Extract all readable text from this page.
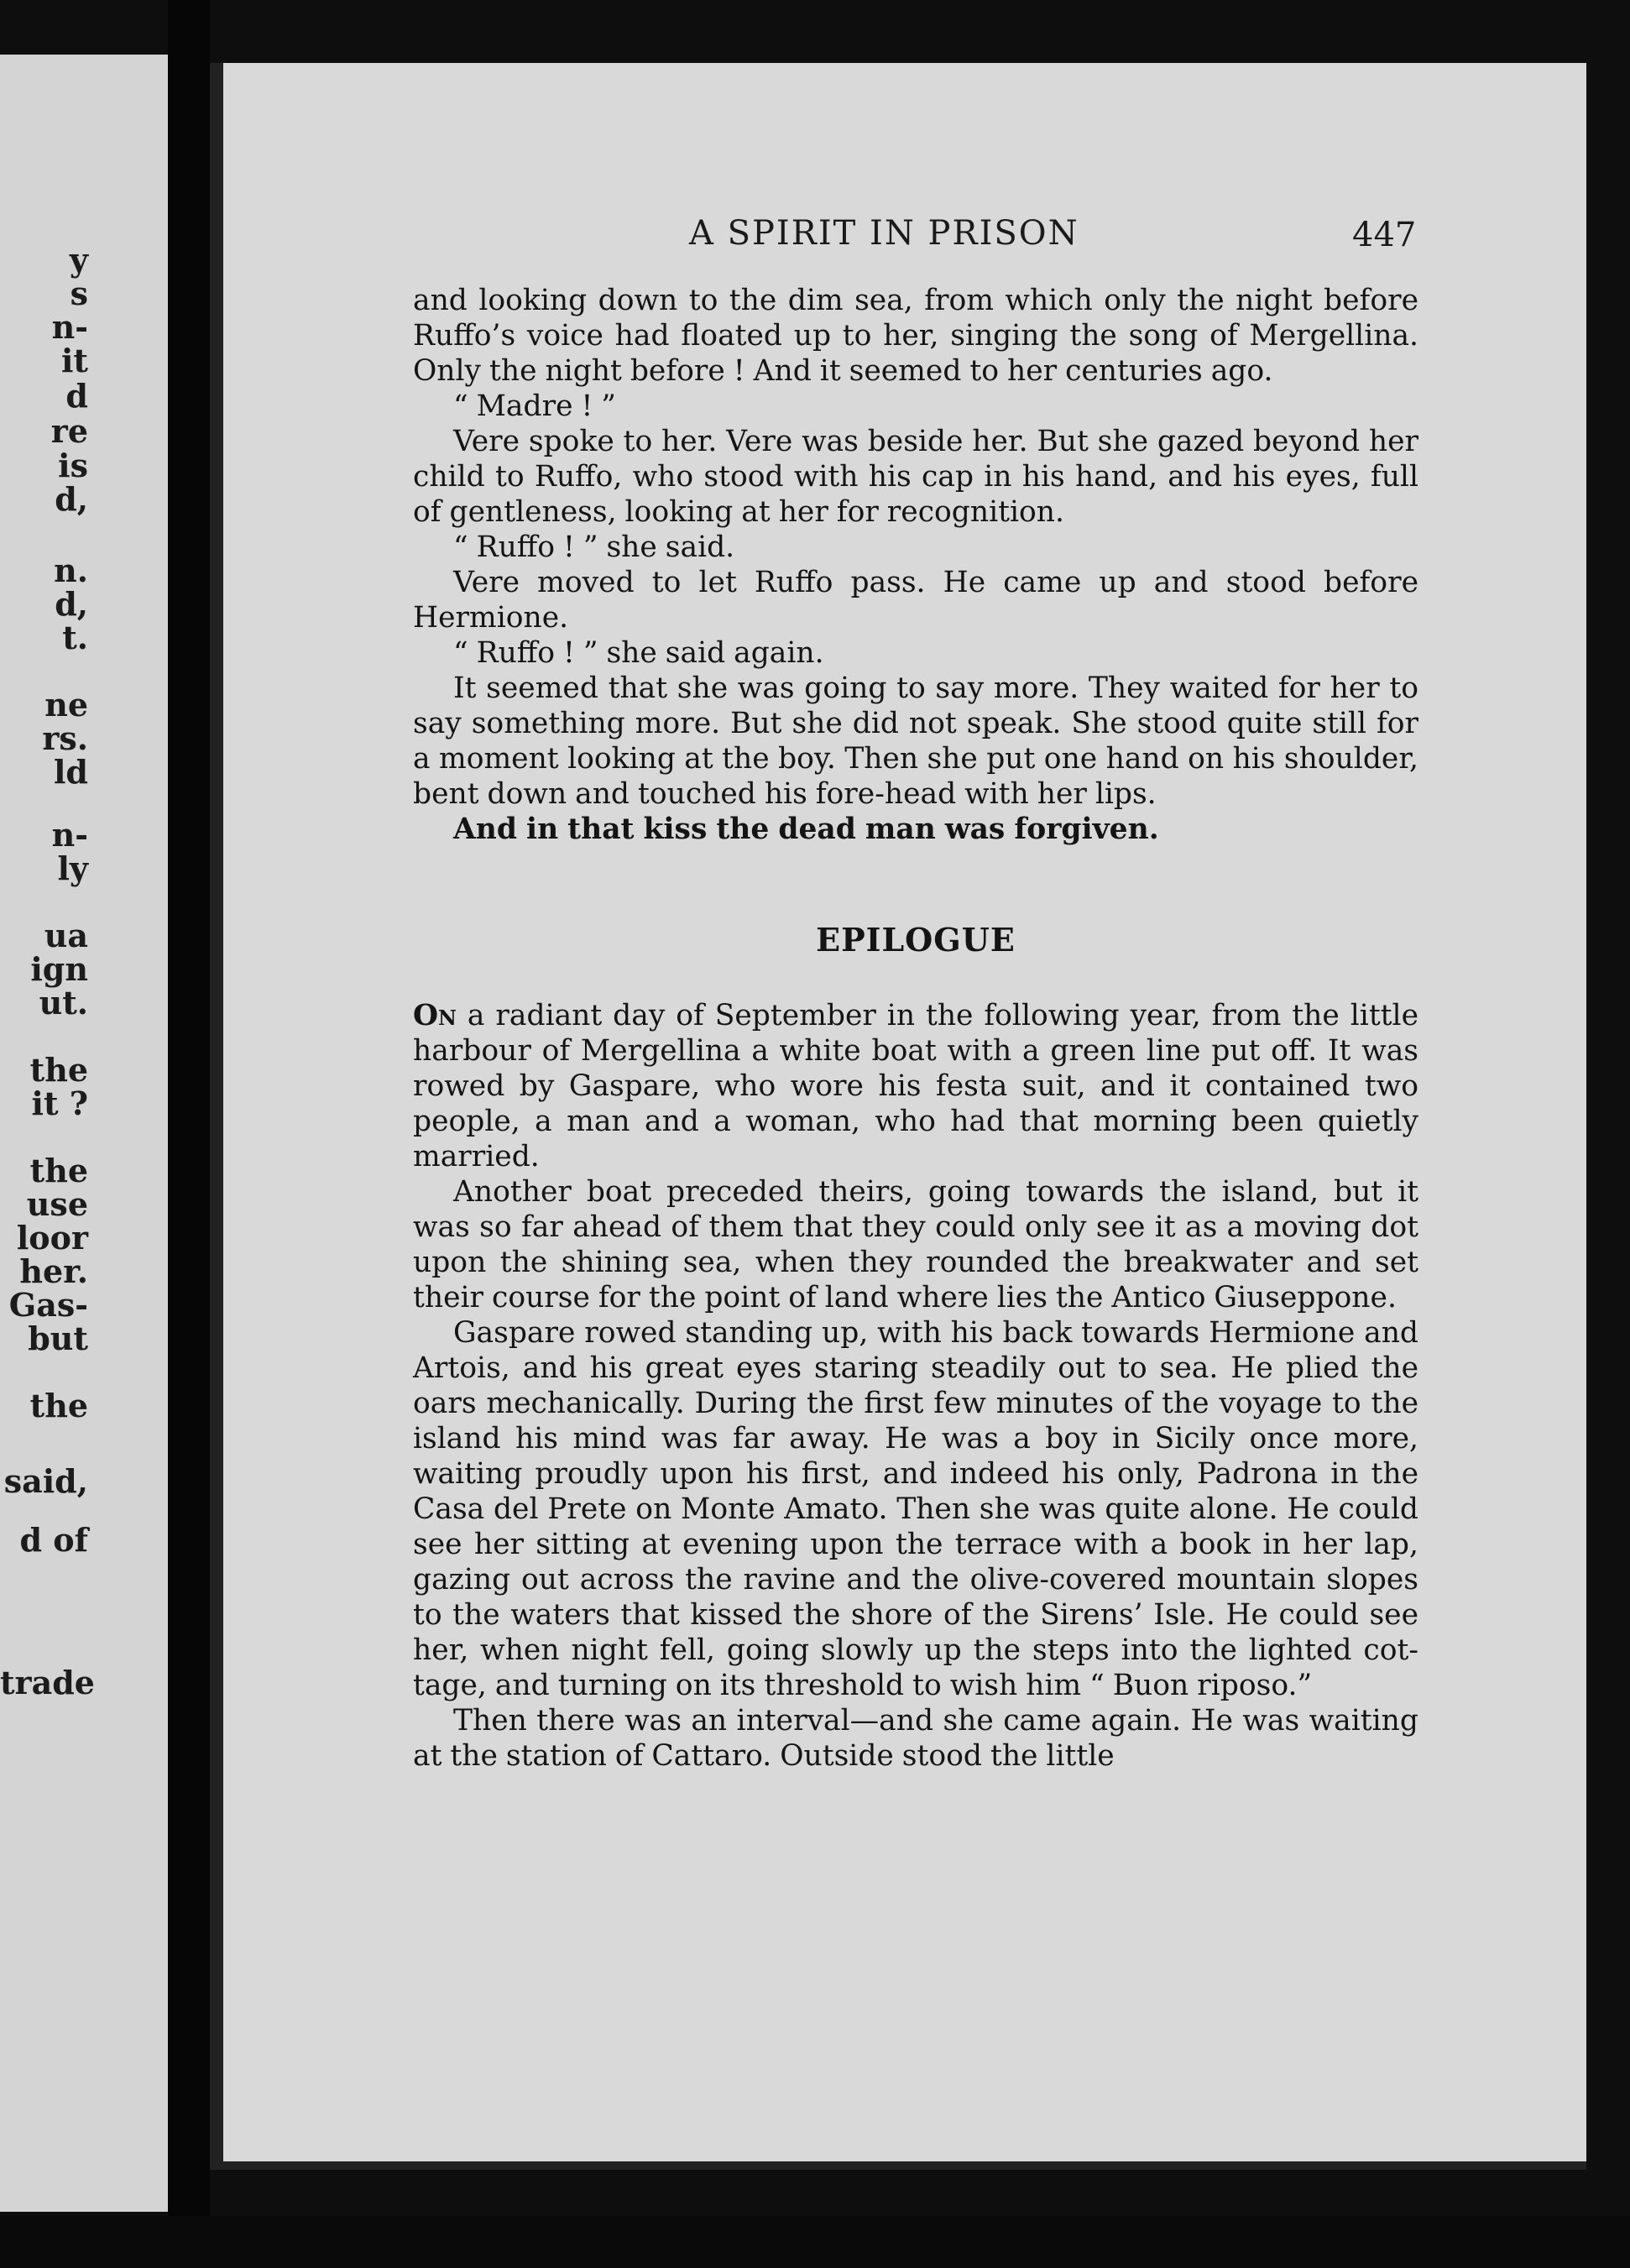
y
s
n-
it
d
re
is
d,
n.
d,
t.
ne
rs.
ld
n-
ly
ua
ign
ut.
the
it ?
the
use
loor
her.
Gas-
but
the
said,
d of
trade
A SPIRIT IN PRISON	447

and looking down to the dim sea, from which only the night before Ruffo’s voice had floated up to her, singing the song of Mergellina. Only the night before ! And it seemed to her centuries ago.

“ Madre ! ”

Vere spoke to her. Vere was beside her. But she gazed beyond her child to Ruffo, who stood with his cap in his hand, and his eyes, full of gentleness, looking at her for recognition.

“ Ruffo ! ” she said.

Vere moved to let Ruffo pass. He came up and stood before Hermione.

“ Ruffo ! ” she said again.

It seemed that she was going to say more. They waited for her to say something more. But she did not speak. She stood quite still for a moment looking at the boy. Then she put one hand on his shoulder, bent down and touched his fore-head with her lips.

And in that kiss the dead man was forgiven.

EPILOGUE

On a radiant day of September in the following year, from the little harbour of Mergellina a white boat with a green line put off. It was rowed by Gaspare, who wore his festa suit, and it contained two people, a man and a woman, who had that morning been quietly married.

Another boat preceded theirs, going towards the island, but it was so far ahead of them that they could only see it as a moving dot upon the shining sea, when they rounded the breakwater and set their course for the point of land where lies the Antico Giuseppone.

Gaspare rowed standing up, with his back towards Hermione and Artois, and his great eyes staring steadily out to sea. He plied the oars mechanically. During the first few minutes of the voyage to the island his mind was far away. He was a boy in Sicily once more, waiting proudly upon his first, and indeed his only, Padrona in the Casa del Prete on Monte Amato. Then she was quite alone. He could see her sitting at evening upon the terrace with a book in her lap, gazing out across the ravine and the olive-covered mountain slopes to the waters that kissed the shore of the Sirens’ Isle. He could see her, when night fell, going slowly up the steps into the lighted cot-tage, and turning on its threshold to wish him “ Buon riposo.”

Then there was an interval—and she came again. He was waiting at the station of Cattaro. Outside stood the little
